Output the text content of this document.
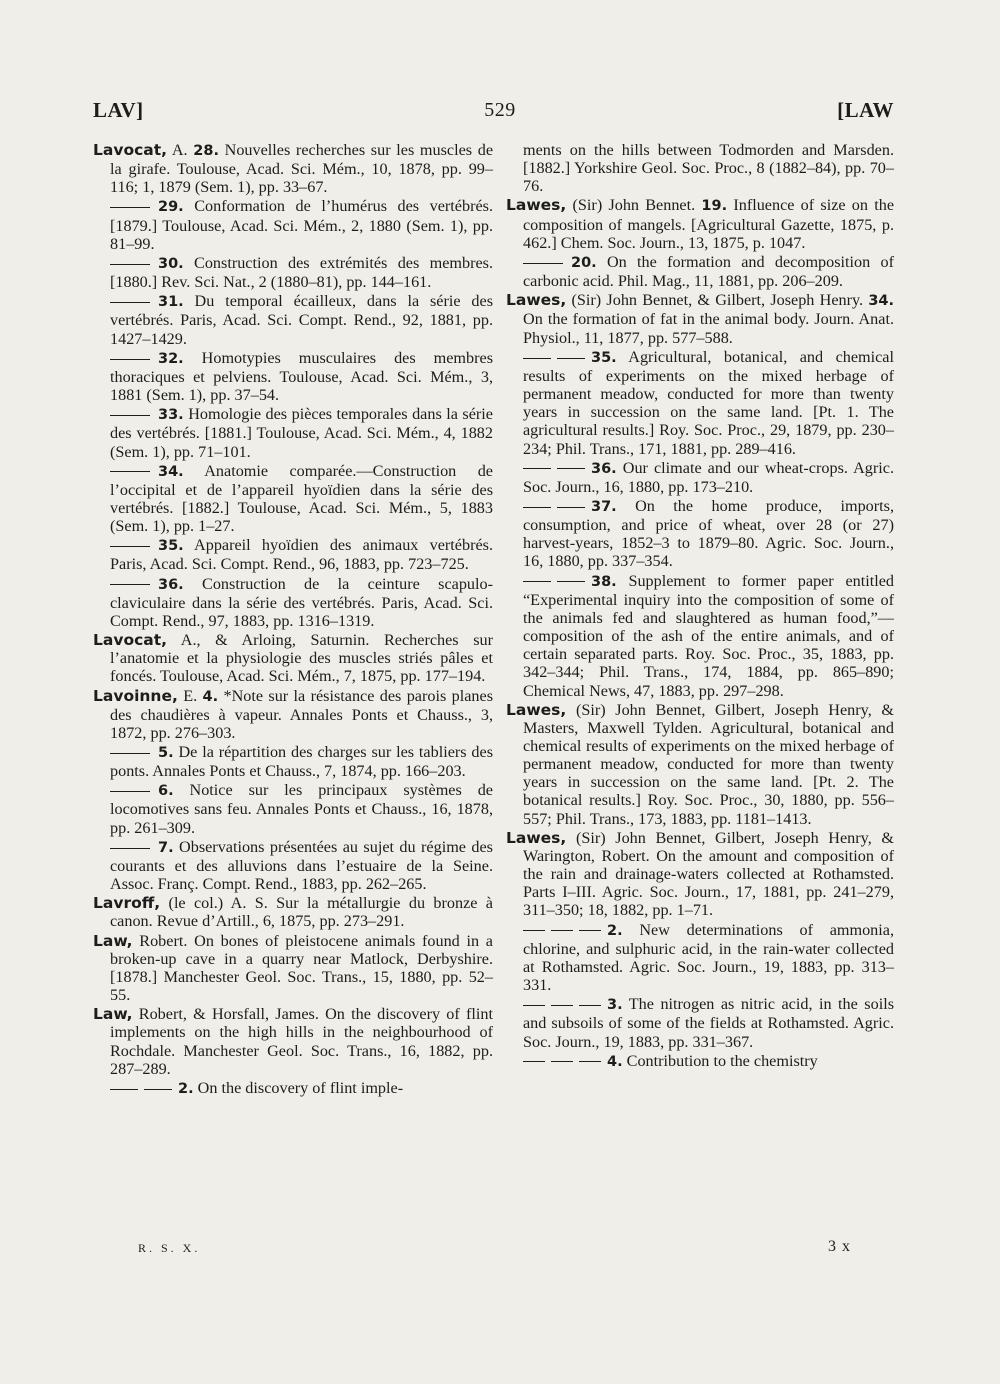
LAV]	529	[LAW
Lavocat, A. 28. Nouvelles recherches sur les muscles de la girafe. Toulouse, Acad. Sci. Mém., 10, 1878, pp. 99–116; 1, 1879 (Sem. 1), pp. 33–67.
29. Conformation de l’humérus des vertébrés. [1879.] Toulouse, Acad. Sci. Mém., 2, 1880 (Sem. 1), pp. 81–99.
30. Construction des extrémités des membres. [1880.] Rev. Sci. Nat., 2 (1880–81), pp. 144–161.
31. Du temporal écailleux, dans la série des vertébrés. Paris, Acad. Sci. Compt. Rend., 92, 1881, pp. 1427–1429.
32. Homotypies musculaires des membres thoraciques et pelviens. Toulouse, Acad. Sci. Mém., 3, 1881 (Sem. 1), pp. 37–54.
33. Homologie des pièces temporales dans la série des vertébrés. [1881.] Toulouse, Acad. Sci. Mém., 4, 1882 (Sem. 1), pp. 71–101.
34. Anatomie comparée.—Construction de l’occipital et de l’appareil hyoïdien dans la série des vertébrés. [1882.] Toulouse, Acad. Sci. Mém., 5, 1883 (Sem. 1), pp. 1–27.
35. Appareil hyoïdien des animaux vertébrés. Paris, Acad. Sci. Compt. Rend., 96, 1883, pp. 723–725.
36. Construction de la ceinture scapulo-claviculaire dans la série des vertébrés. Paris, Acad. Sci. Compt. Rend., 97, 1883, pp. 1316–1319.
Lavocat, A., & Arloing, Saturnin. Recherches sur l’anatomie et la physiologie des muscles striés pâles et foncés. Toulouse, Acad. Sci. Mém., 7, 1875, pp. 177–194.
Lavoinne, E. 4. *Note sur la résistance des parois planes des chaudières à vapeur. Annales Ponts et Chauss., 3, 1872, pp. 276–303.
5. De la répartition des charges sur les tabliers des ponts. Annales Ponts et Chauss., 7, 1874, pp. 166–203.
6. Notice sur les principaux systèmes de locomotives sans feu. Annales Ponts et Chauss., 16, 1878, pp. 261–309.
7. Observations présentées au sujet du régime des courants et des alluvions dans l’estuaire de la Seine. Assoc. Franç. Compt. Rend., 1883, pp. 262–265.
Lavroff, (le col.) A. S. Sur la métallurgie du bronze à canon. Revue d’Artill., 6, 1875, pp. 273–291.
Law, Robert. On bones of pleistocene animals found in a broken-up cave in a quarry near Matlock, Derbyshire. [1878.] Manchester Geol. Soc. Trans., 15, 1880, pp. 52–55.
Law, Robert, & Horsfall, James. On the discovery of flint implements on the high hills in the neighbourhood of Rochdale. Manchester Geol. Soc. Trans., 16, 1882, pp. 287–289.
2. On the discovery of flint imple-
ments on the hills between Todmorden and Marsden. [1882.] Yorkshire Geol. Soc. Proc., 8 (1882–84), pp. 70–76.
Lawes, (Sir) John Bennet. 19. Influence of size on the composition of mangels. [Agricultural Gazette, 1875, p. 462.] Chem. Soc. Journ., 13, 1875, p. 1047.
20. On the formation and decomposition of carbonic acid. Phil. Mag., 11, 1881, pp. 206–209.
Lawes, (Sir) John Bennet, & Gilbert, Joseph Henry. 34. On the formation of fat in the animal body. Journ. Anat. Physiol., 11, 1877, pp. 577–588.
35. Agricultural, botanical, and chemical results of experiments on the mixed herbage of permanent meadow, conducted for more than twenty years in succession on the same land. [Pt. 1. The agricultural results.] Roy. Soc. Proc., 29, 1879, pp. 230–234; Phil. Trans., 171, 1881, pp. 289–416.
36. Our climate and our wheat-crops. Agric. Soc. Journ., 16, 1880, pp. 173–210.
37. On the home produce, imports, consumption, and price of wheat, over 28 (or 27) harvest-years, 1852–3 to 1879–80. Agric. Soc. Journ., 16, 1880, pp. 337–354.
38. Supplement to former paper entitled “Experimental inquiry into the composition of some of the animals fed and slaughtered as human food,”—composition of the ash of the entire animals, and of certain separated parts. Roy. Soc. Proc., 35, 1883, pp. 342–344; Phil. Trans., 174, 1884, pp. 865–890; Chemical News, 47, 1883, pp. 297–298.
Lawes, (Sir) John Bennet, Gilbert, Joseph Henry, & Masters, Maxwell Tylden. Agricultural, botanical and chemical results of experiments on the mixed herbage of permanent meadow, conducted for more than twenty years in succession on the same land. [Pt. 2. The botanical results.] Roy. Soc. Proc., 30, 1880, pp. 556–557; Phil. Trans., 173, 1883, pp. 1181–1413.
Lawes, (Sir) John Bennet, Gilbert, Joseph Henry, & Warington, Robert. On the amount and composition of the rain and drainage-waters collected at Rothamsted. Parts I–III. Agric. Soc. Journ., 17, 1881, pp. 241–279, 311–350; 18, 1882, pp. 1–71.
2. New determinations of ammonia, chlorine, and sulphuric acid, in the rain-water collected at Rothamsted. Agric. Soc. Journ., 19, 1883, pp. 313–331.
3. The nitrogen as nitric acid, in the soils and subsoils of some of the fields at Rothamsted. Agric. Soc. Journ., 19, 1883, pp. 331–367.
4. Contribution to the chemistry
R. S. X.	3 x
